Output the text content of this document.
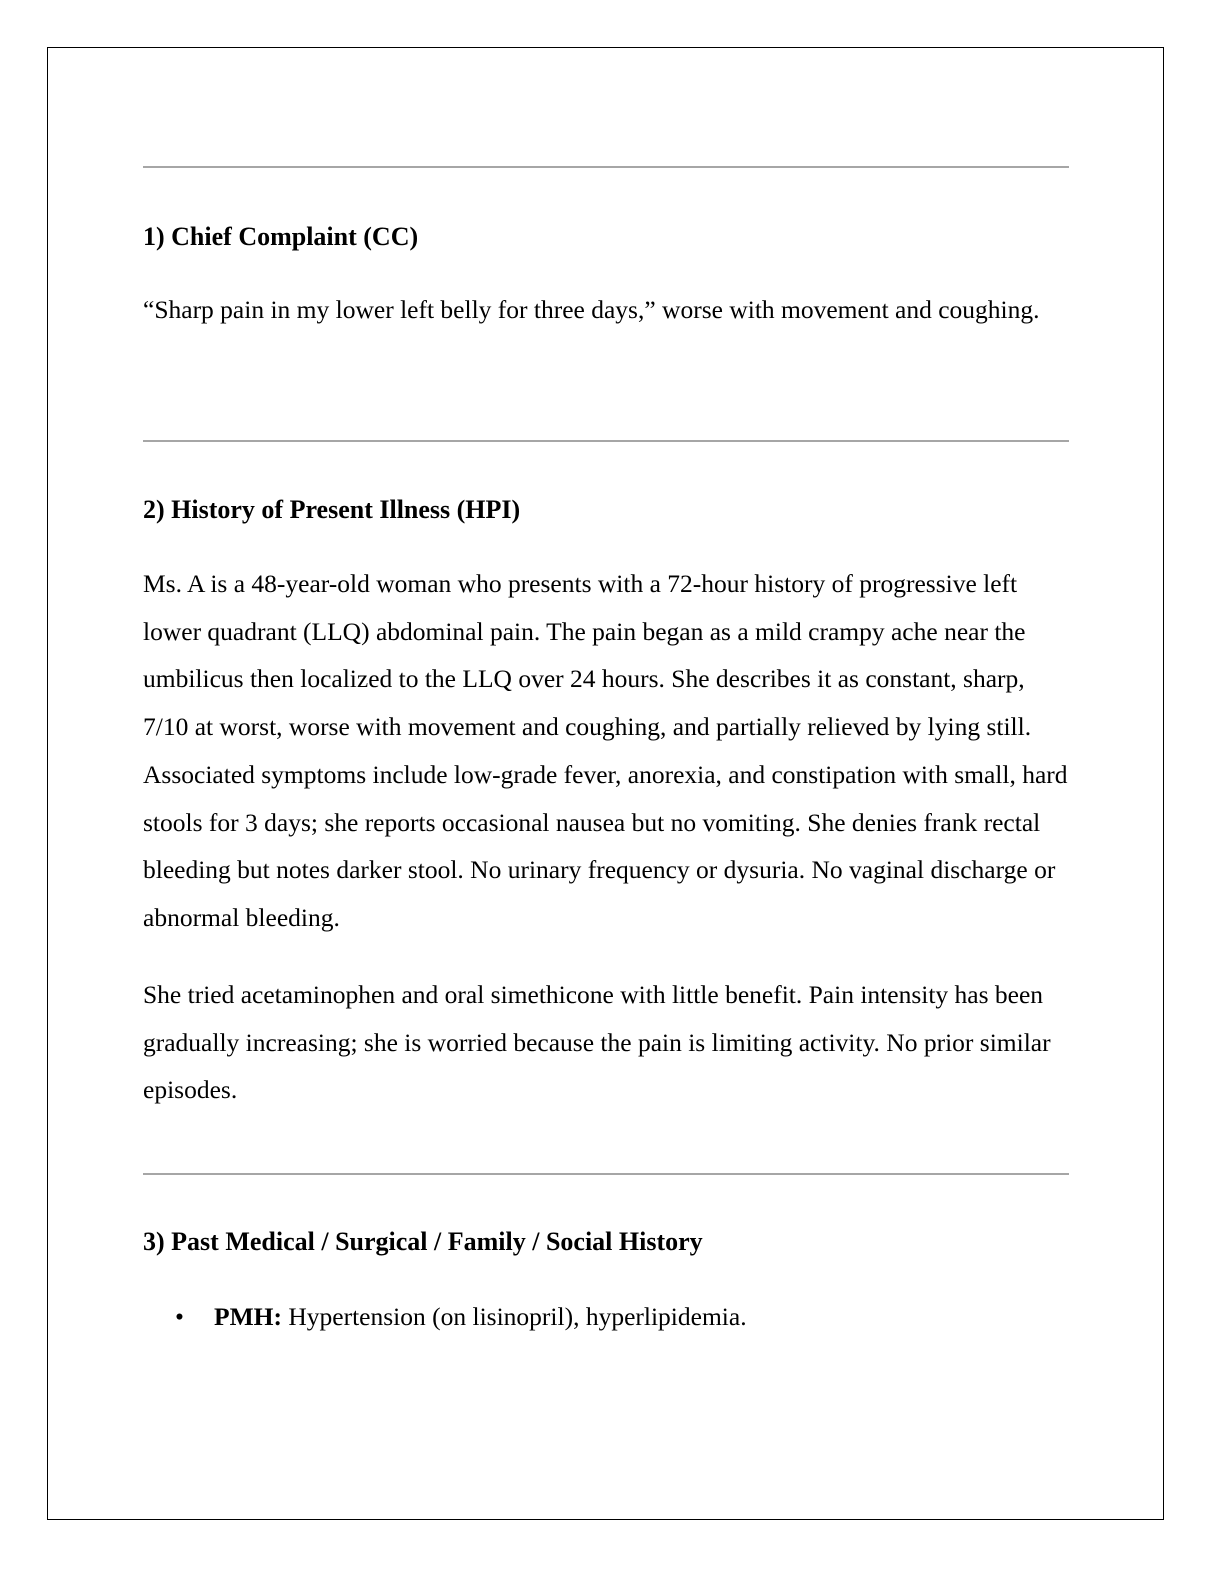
1) Chief Complaint (CC)

“Sharp pain in my lower left belly for three days,” worse with movement and coughing.

2) History of Present Illness (HPI)

Ms. A is a 48-year-old woman who presents with a 72-hour history of progressive left lower quadrant (LLQ) abdominal pain. The pain began as a mild crampy ache near the umbilicus then localized to the LLQ over 24 hours. She describes it as constant, sharp, 7/10 at worst, worse with movement and coughing, and partially relieved by lying still. Associated symptoms include low-grade fever, anorexia, and constipation with small, hard stools for 3 days; she reports occasional nausea but no vomiting. She denies frank rectal bleeding but notes darker stool. No urinary frequency or dysuria. No vaginal discharge or abnormal bleeding.

She tried acetaminophen and oral simethicone with little benefit. Pain intensity has been gradually increasing; she is worried because the pain is limiting activity. No prior similar episodes.

3) Past Medical / Surgical / Family / Social History
• PMH: Hypertension (on lisinopril), hyperlipidemia.
